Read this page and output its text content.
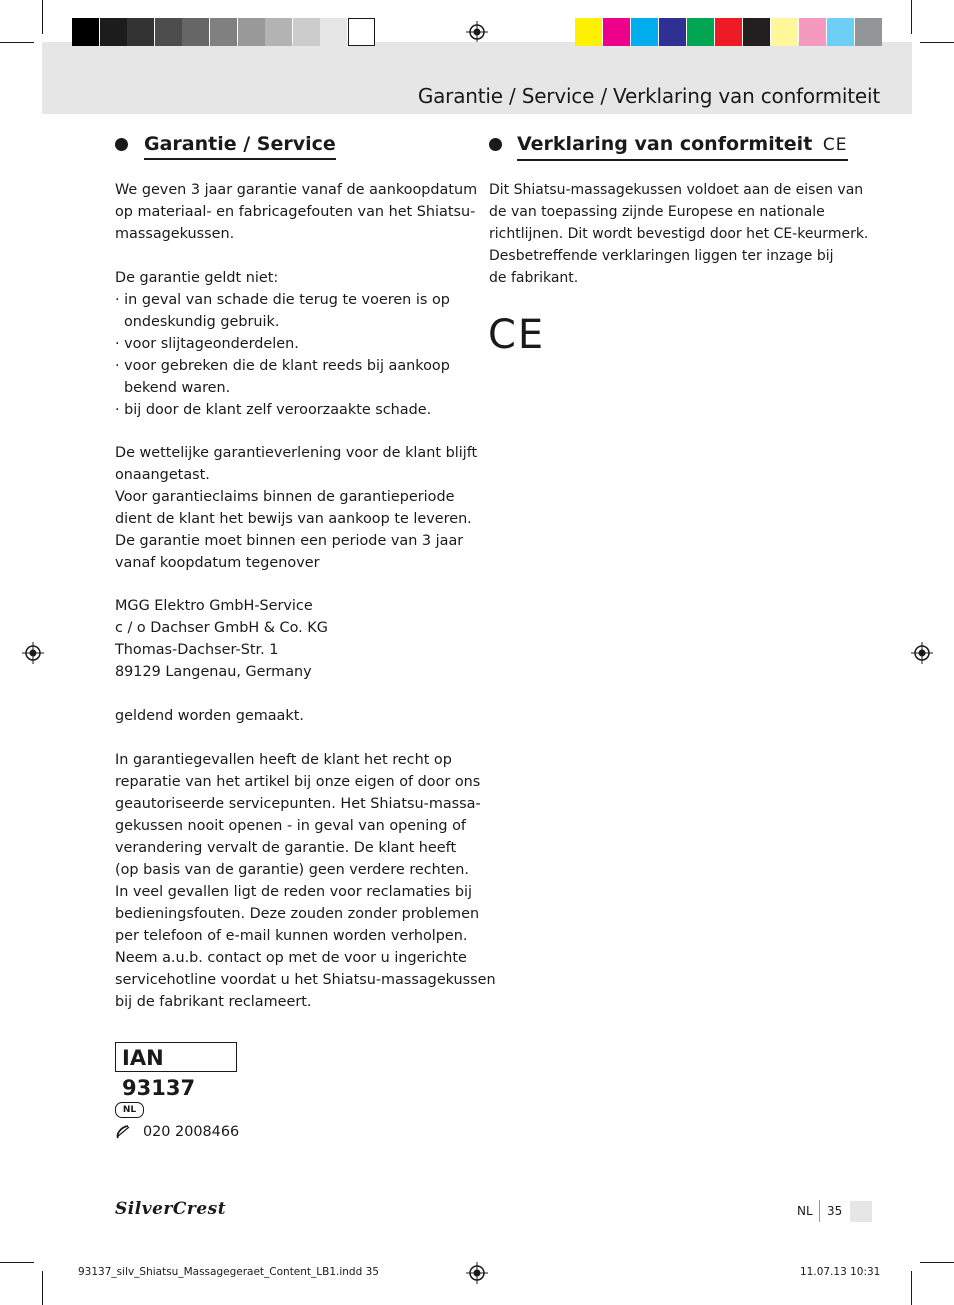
Garantie / Service / Verklaring van conformiteit
Garantie / Service
We geven 3 jaar garantie vanaf de aankoopdatum
op materiaal- en fabricagefouten van het Shiatsu-
massagekussen.
De garantie geldt niet:
· in geval van schade die terug te voeren is op
ondeskundig gebruik.
· voor slijtageonderdelen.
· voor gebreken die de klant reeds bij aankoop
bekend waren.
· bij door de klant zelf veroorzaakte schade.
De wettelijke garantieverlening voor de klant blijft
onaangetast.
Voor garantieclaims binnen de garantieperiode
dient de klant het bewijs van aankoop te leveren.
De garantie moet binnen een periode van 3 jaar
vanaf koopdatum tegenover
MGG Elektro GmbH-Service
c / o Dachser GmbH & Co. KG
Thomas-Dachser-Str. 1
89129 Langenau, Germany
geldend worden gemaakt.
In garantiegevallen heeft de klant het recht op
reparatie van het artikel bij onze eigen of door ons
geautoriseerde servicepunten. Het Shiatsu-massa-
gekussen nooit openen - in geval van opening of
verandering vervalt de garantie. De klant heeft
(op basis van de garantie) geen verdere rechten.
In veel gevallen ligt de reden voor reclamaties bij
bedieningsfouten. Deze zouden zonder problemen
per telefoon of e-mail kunnen worden verholpen.
Neem a.u.b. contact op met de voor u ingerichte
servicehotline voordat u het Shiatsu-massagekussen
bij de fabrikant reclameert.
IAN 93137
NL
020 2008466
Verklaring van conformiteit CE
Dit Shiatsu-massagekussen voldoet aan de eisen van
de van toepassing zijnde Europese en nationale
richtlijnen. Dit wordt bevestigd door het CE-keurmerk.
Desbetreffende verklaringen liggen ter inzage bij
de fabrikant.
CE
SilverCrest	NL 35
93137_silv_Shiatsu_Massagegeraet_Content_LB1.indd 35	11.07.13 10:31
